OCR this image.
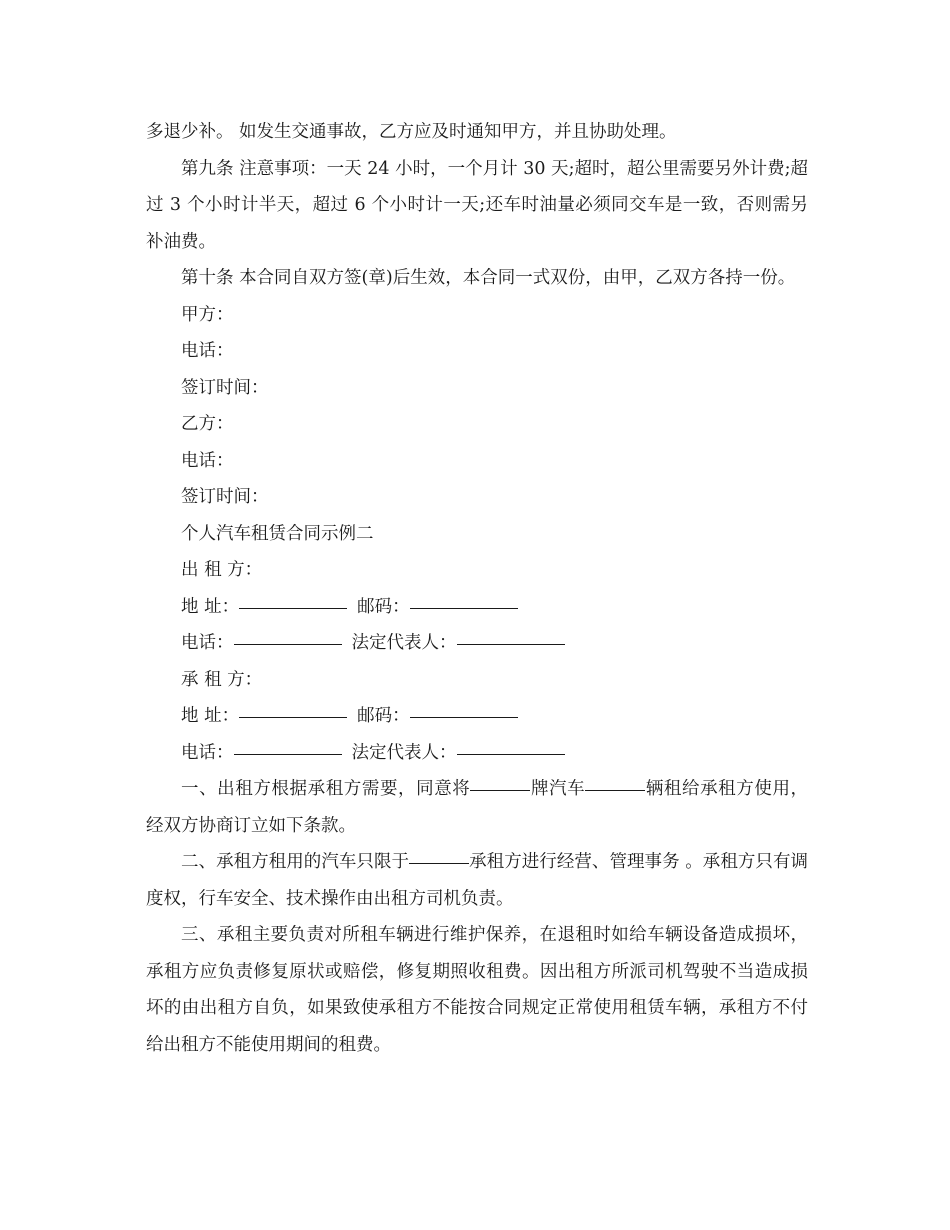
多退少补。 如发生交通事故，乙方应及时通知甲方，并且协助处理。

第九条 注意事项：一天 24 小时，一个月计 30 天;超时，超公里需要另外计费;超过 3 个小时计半天，超过 6 个小时计一天;还车时油量必须同交车是一致，否则需另 补油费。

第十条 本合同自双方签(章)后生效，本合同一式双份，由甲，乙双方各持一份。

甲方：

电话：

签订时间：

乙方：

电话：

签订时间：

个人汽车租赁合同示例二

出 租 方：

地 址：	邮码：

电话：	法定代表人：

承 租 方：

地 址：	邮码：

电话：	法定代表人：

一、出租方根据承租方需要，同意将	牌汽车	辆租给承租方使用，经双方协商订立如下条款。

二、承租方租用的汽车只限于	承租方进行经营、管理事务 。承租方只有调度权，行车安全、技术操作由出租方司机负责。

三、承租主要负责对所租车辆进行维护保养，在退租时如给车辆设备造成损坏，承租方应负责修复原状或赔偿，修复期照收租费。因出租方所派司机驾驶不当造成损坏的由出租方自负，如果致使承租方不能按合同规定正常使用租赁车辆，承租方不付给出租方不能使用期间的租费。
